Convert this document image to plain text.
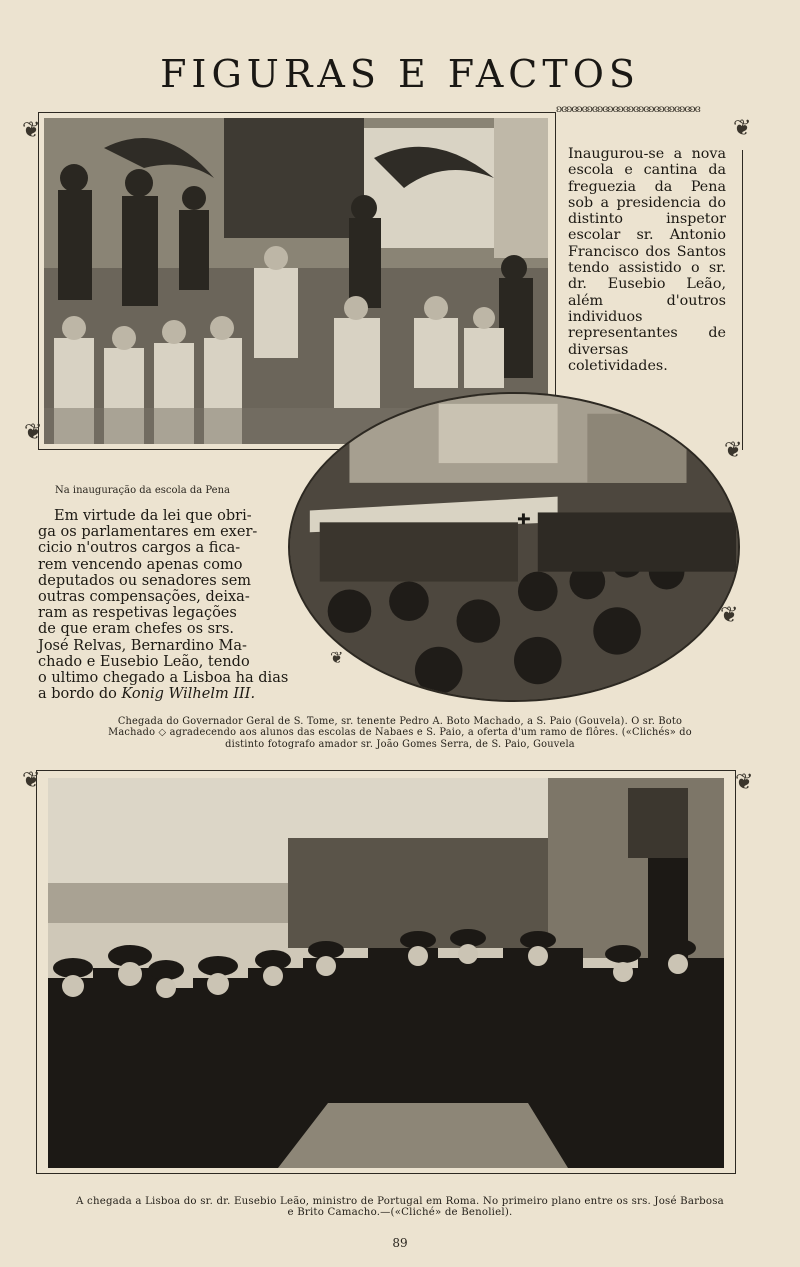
FIGURAS E FACTOS
❦
❦
ʚɞʚɞʚɞʚɞʚɞʚɞʚɞʚɞʚɞʚɞʚɞʚɞʚɞʚɞ
❦
Inaugurou-se a nova escola e cantina da freguezia da Pena sob a presidencia do distinto inspetor escolar sr. Antonio Francisco dos Santos tendo assistido o sr. dr. Eusebio Leão, além d'outros individuos representantes de diversas coletividades.
Na inauguração da escola da Pena

Em virtude da lei que obri-

ga os parlamentares em exer-

cicio n'outros cargos a fica-

rem vencendo apenas como

deputados ou senadores sem

outras compensações, deixa-

ram as respetivas legações

de que eram chefes os srs.

José Relvas, Bernardino Ma-

chado e Eusebio Leão, tendo

o ultimo chegado a Lisboa ha dias

a bordo do Konig Wilhelm III.

❦
❦
❦
Chegada do Governador Geral de S. Tome, sr. tenente Pedro A. Boto Machado, a S. Paio (Gouvela). O sr. Boto
Machado ◇ agradecendo aos alunos das escolas de Nabaes e S. Paio, a oferta d'um ramo de flôres. («Clichés» do
distinto fotografo amador sr. João Gomes Serra, de S. Paio, Gouvela
❦	❦
A chegada a Lisboa do sr. dr. Eusebio Leão, ministro de Portugal em Roma. No primeiro plano entre os srs. José Barbosa
e Brito Camacho.—(«Cliché» de Benoliel).
89
